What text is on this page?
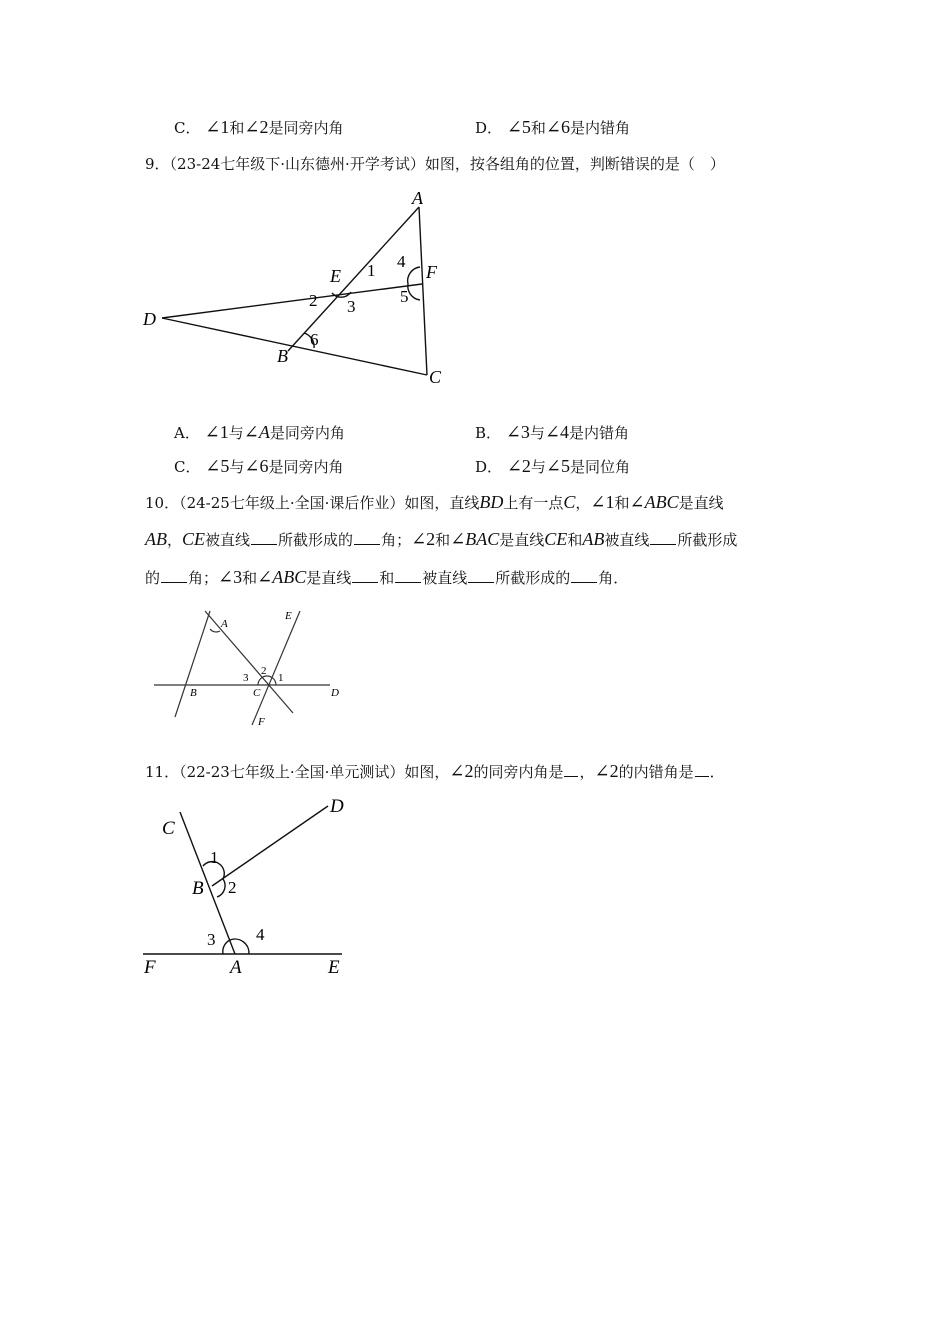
C． ∠1和∠2是同旁内角	D． ∠5和∠6是内错角
9．（23-24七年级下·山东德州·开学考试）如图，按各组角的位置，判断错误的是（　）
A
E	F
D
B
C
1
2 3
4
5
6
A． ∠1与∠A是同旁内角	B． ∠3与∠4是内错角
C． ∠5与∠6是同旁内角	D． ∠2与∠5是同位角
10．（24-25七年级上·全国·课后作业）如图，直线BD上有一点C，∠1和∠ABC是直线
AB，CE被直线 所截形成的 角；∠2和∠BAC是直线CE和AB被直线 所截形成
的 角；∠3和∠ABC是直线 和 被直线 所截形成的 角．
A
B	C	D
E
F
1
2
3
11．（22-23七年级上·全国·单元测试）如图，∠2的同旁内角是 ，∠2的内错角是 ．
C
D
B
A
F	E
1
2
3 4
